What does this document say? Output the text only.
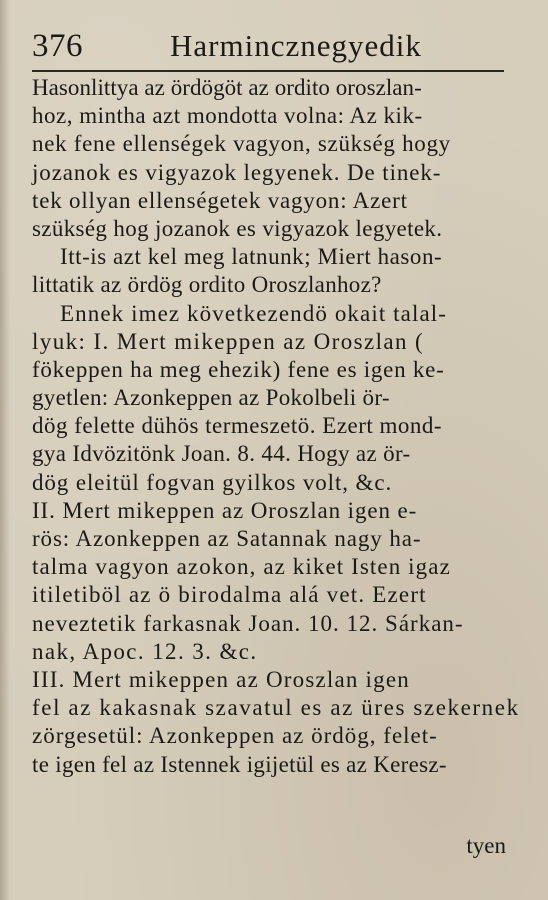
376	Harmincznegyedik
Hasonlittya az ördögöt az ordito oroszlan-
hoz, mintha azt mondotta volna: Az kik-
nek fene ellenségek vagyon, szükség hogy
jozanok es vigyazok legyenek. De tinek-
tek ollyan ellenségetek vagyon: Azert
szükség hog jozanok es vigyazok legyetek.
Itt-is azt kel meg latnunk; Miert hason-
littatik az ördög ordito Oroszlanhoz?
Ennek imez következendö okait talal-
lyuk: I. Mert mikeppen az Oroszlan (
fökeppen ha meg ehezik) fene es igen ke-
gyetlen: Azonkeppen az Pokolbeli ör-
dög felette dühös termeszetö. Ezert mond-
gya Idvözitönk Joan. 8. 44. Hogy az ör-
dög eleitül fogvan gyilkos volt, &c.
II. Mert mikeppen az Oroszlan igen e-
rös: Azonkeppen az Satannak nagy ha-
talma vagyon azokon, az kiket Isten igaz
itiletiböl az ö birodalma alá vet. Ezert
neveztetik farkasnak Joan. 10. 12. Sárkan-
nak, Apoc. 12. 3. &c.
III. Mert mikeppen az Oroszlan igen
fel az kakasnak szavatul es az üres szekernek
zörgesetül: Azonkeppen az ördög, felet-
te igen fel az Istennek igijetül es az Keresz-
tyen
